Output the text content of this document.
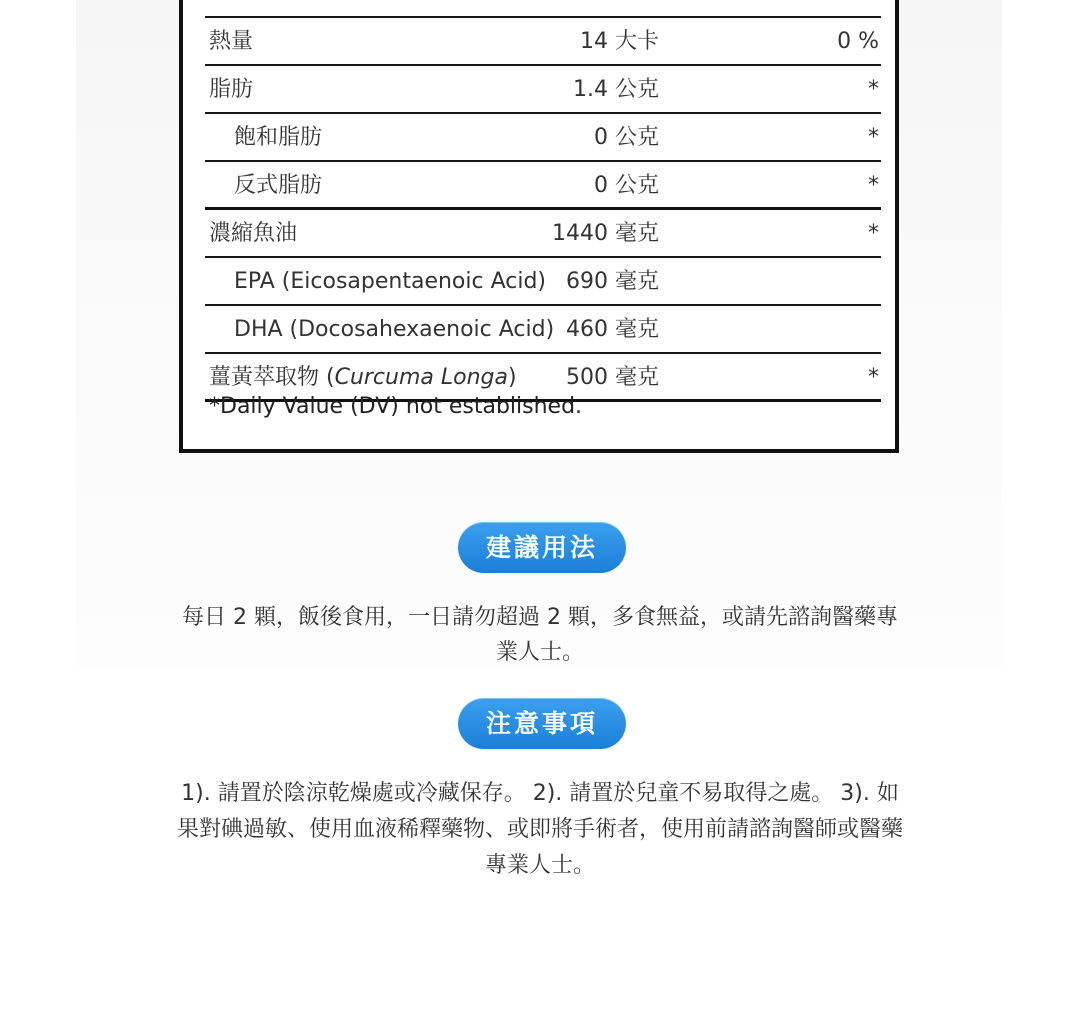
熱量	14 大卡	0 %
脂肪	1.4 公克	*
飽和脂肪	0 公克	*
反式脂肪	0 公克	*
濃縮魚油	1440 毫克	*
EPA (Eicosapentaenoic Acid) 690 毫克
DHA (Docosahexaenoic Acid) 460 毫克
薑黃萃取物 (Curcuma Longa) 500 毫克	*
*Daily Value (DV) not established.
建議用法

每日 2 顆，飯後食用，一日請勿超過 2 顆，多食無益，或請先諮詢醫藥專業人士。

注意事項

1). 請置於陰涼乾燥處或冷藏保存。 2). 請置於兒童不易取得之處。 3). 如果對碘過敏、使用血液稀釋藥物、或即將手術者，使用前請諮詢醫師或醫藥專業人士。
